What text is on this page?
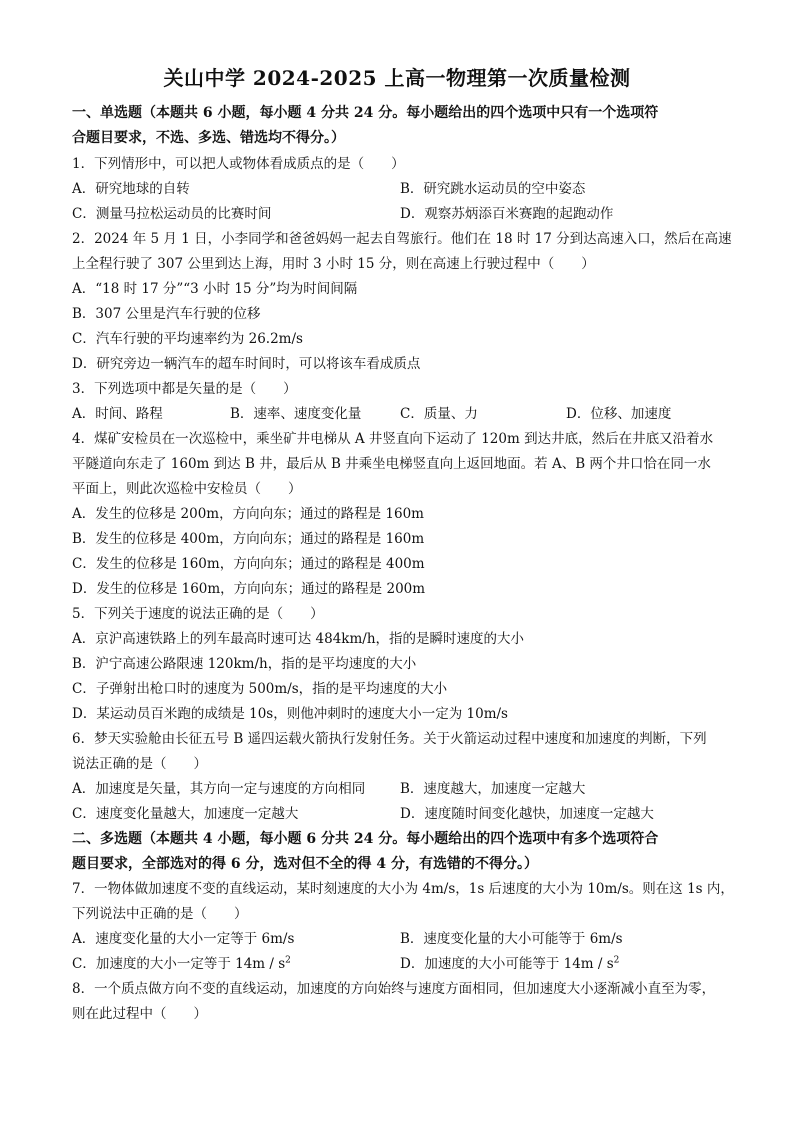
关山中学 2024-2025 上高一物理第一次质量检测
一、单选题（本题共 6 小题，每小题 4 分共 24 分。每小题给出的四个选项中只有一个选项符
合题目要求，不选、多选、错选均不得分。）
1．下列情形中，可以把人或物体看成质点的是（　　）
A．研究地球的自转	B．研究跳水运动员的空中姿态
C．测量马拉松运动员的比赛时间	D．观察苏炳添百米赛跑的起跑动作
2．2024 年 5 月 1 日，小李同学和爸爸妈妈一起去自驾旅行。他们在 18 时 17 分到达高速入口，然后在高速
上全程行驶了 307 公里到达上海，用时 3 小时 15 分，则在高速上行驶过程中（　　）
A．“18 时 17 分”“3 小时 15 分”均为时间间隔
B．307 公里是汽车行驶的位移
C．汽车行驶的平均速率约为 26.2m/s
D．研究旁边一辆汽车的超车时间时，可以将该车看成质点
3．下列选项中都是矢量的是（　　）
A．时间、路程	B．速率、速度变化量	C．质量、力	D．位移、加速度
4．煤矿安检员在一次巡检中，乘坐矿井电梯从 A 井竖直向下运动了 120m 到达井底，然后在井底又沿着水
平隧道向东走了 160m 到达 B 井，最后从 B 井乘坐电梯竖直向上返回地面。若 A、B 两个井口恰在同一水
平面上，则此次巡检中安检员（　　）
A．发生的位移是 200m，方向向东；通过的路程是 160m
B．发生的位移是 400m，方向向东；通过的路程是 160m
C．发生的位移是 160m，方向向东；通过的路程是 400m
D．发生的位移是 160m，方向向东；通过的路程是 200m
5．下列关于速度的说法正确的是（　　）
A．京沪高速铁路上的列车最高时速可达 484km/h，指的是瞬时速度的大小
B．沪宁高速公路限速 120km/h，指的是平均速度的大小
C．子弹射出枪口时的速度为 500m/s，指的是平均速度的大小
D．某运动员百米跑的成绩是 10s，则他冲刺时的速度大小一定为 10m/s
6．梦天实验舱由长征五号 B 遥四运载火箭执行发射任务。关于火箭运动过程中速度和加速度的判断，下列
说法正确的是（　　）
A．加速度是矢量，其方向一定与速度的方向相同	B．速度越大，加速度一定越大
C．速度变化量越大，加速度一定越大	D．速度随时间变化越快，加速度一定越大
二、多选题（本题共 4 小题，每小题 6 分共 24 分。每小题给出的四个选项中有多个选项符合
题目要求，全部选对的得 6 分，选对但不全的得 4 分，有选错的不得分。）
7．一物体做加速度不变的直线运动，某时刻速度的大小为 4m/s，1s 后速度的大小为 10m/s。则在这 1s 内，
下列说法中正确的是（　　）
A．速度变化量的大小一定等于 6m/s	B．速度变化量的大小可能等于 6m/s
C．加速度的大小一定等于 $14m / s^2$	D．加速度的大小可能等于 $14m / s^2$
8．一个质点做方向不变的直线运动，加速度的方向始终与速度方面相同，但加速度大小逐渐减小直至为零，
则在此过程中（　　）
